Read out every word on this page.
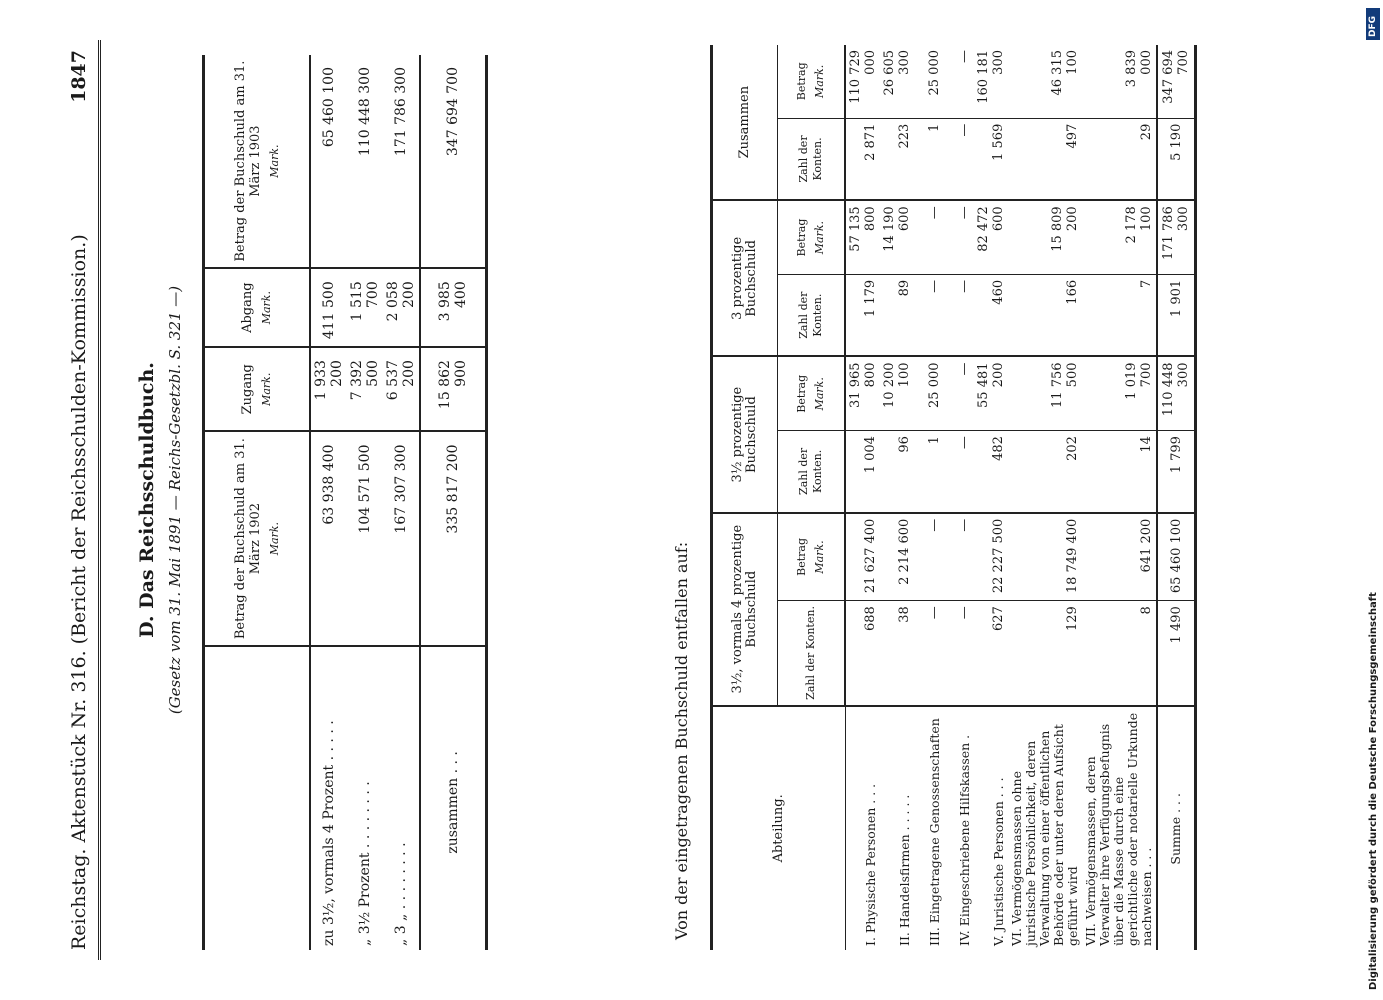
Reichstag. Aktenstück Nr. 316. (Bericht der Reichsschulden-Kommission.)
1847
D. Das Reichsschuldbuch. (Gesetz vom 31. Mai 1891 — Reichs-Gesetzbl. S. 321 —)
		Betrag der Buchschuld am 31. März 1902 Mark.	Zugang Mark.	Abgang Mark.	Betrag der Buchschuld am 31. März 1903 Mark.

zu 3½, vormals 4 Prozent . . . . .	63 938 400	1 933 200	411 500	65 460 100
„ 3½ Prozent . . . . . . . .	104 571 500	7 392 500	1 515 700	110 448 300
„ 3 „ . . . . . . . .	167 307 300	6 537 200	2 058 200	171 786 300
zusammen . . .	335 817 200	15 862 900	3 985 400	347 694 700
Von der eingetragenen Buchschuld entfallen auf:	Abteilung.	3½, vormals 4 prozentige Buchschuld		3½ prozentige Buchschuld		3 prozentige Buchschuld		Zusammen	
	Zahl der Konten.	Betrag Mark.	Zahl der Konten.	Betrag Mark.	Zahl der Konten.	Betrag Mark.	Zahl der Konten.	Betrag Mark.

I. Physische Personen . . .	688	21 627 400	1 004	31 965 800	1 179	57 135 800	2 871	110 729 000
II. Handelsfirmen . . . . .	38	2 214 600	96	10 200 100	89	14 190 600	223	26 605 300
III. Eingetragene Genossenschaften	—	—	1	25 000	—	—	1	25 000
IV. Eingeschriebene Hilfskassen .	—	—	—	—	—	—	—	—
V. Juristische Personen . . .	627	22 227 500	482	55 481 200	460	82 472 600	1 569	160 181 300
VI. Vermögensmassen ohne juristische Persönlichkeit, deren Verwaltung von einer öffentlichen Behörde oder unter deren Aufsicht geführt wird	129	18 749 400	202	11 756 500	166	15 809 200	497	46 315 100
VII. Vermögensmassen, deren Verwalter ihre Verfügungsbefugnis über die Masse durch eine gerichtliche oder notarielle Urkunde nachweisen . . .	8	641 200	14	1 019 700	7	2 178 100	29	3 839 000
Summe . . .	1 490	65 460 100	1 799	110 448 300	1 901	171 786 300	5 190	347 694 700
DFG
Digitalisierung gefördert durch die Deutsche Forschungsgemeinschaft
